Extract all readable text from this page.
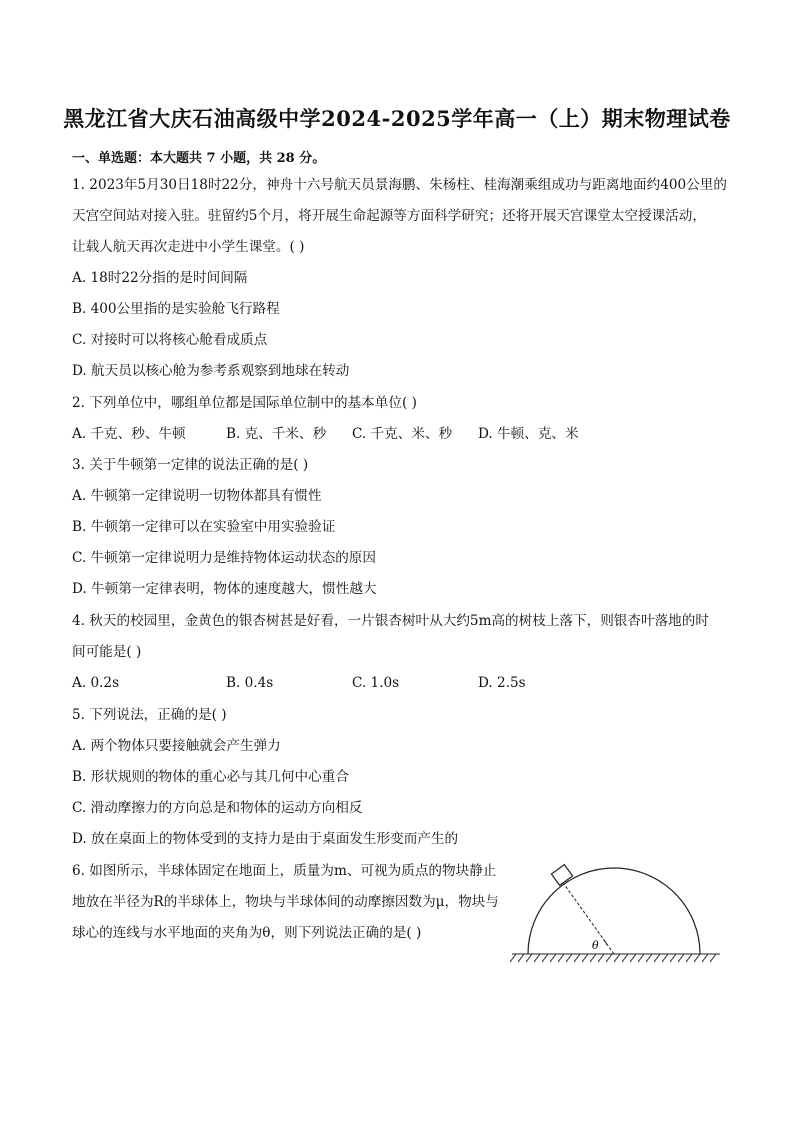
黑龙江省大庆石油高级中学2024-2025学年高一（上）期末物理试卷
一、单选题：本大题共 7 小题，共 28 分。
1. 2023年5月30日18时22分，神舟十六号航天员景海鹏、朱杨柱、桂海潮乘组成功与距离地面约400公里的
天宫空间站对接入驻。驻留约5个月，将开展生命起源等方面科学研究；还将开展天宫课堂太空授课活动，
让载人航天再次走进中小学生课堂。( )
A. 18时22分指的是时间间隔
B. 400公里指的是实验舱飞行路程
C. 对接时可以将核心舱看成质点
D. 航天员以核心舱为参考系观察到地球在转动
2. 下列单位中，哪组单位都是国际单位制中的基本单位( )
A. 千克、秒、牛顿	B. 克、千米、秒 C. 千克、米、秒 D. 牛顿、克、米
3. 关于牛顿第一定律的说法正确的是( )
A. 牛顿第一定律说明一切物体都具有惯性
B. 牛顿第一定律可以在实验室中用实验验证
C. 牛顿第一定律说明力是维持物体运动状态的原因
D. 牛顿第一定律表明，物体的速度越大，惯性越大
4. 秋天的校园里，金黄色的银杏树甚是好看，一片银杏树叶从大约5m高的树枝上落下，则银杏叶落地的时
间可能是( )
A. 0.2s	B. 0.4s	C. 1.0s	D. 2.5s
5. 下列说法，正确的是( )
A. 两个物体只要接触就会产生弹力
B. 形状规则的物体的重心必与其几何中心重合
C. 滑动摩擦力的方向总是和物体的运动方向相反
D. 放在桌面上的物体受到的支持力是由于桌面发生形变而产生的
6. 如图所示，半球体固定在地面上，质量为m、可视为质点的物块静止
地放在半径为R的半球体上，物块与半球体间的动摩擦因数为μ，物块与
球心的连线与水平地面的夹角为θ，则下列说法正确的是( )
θ
